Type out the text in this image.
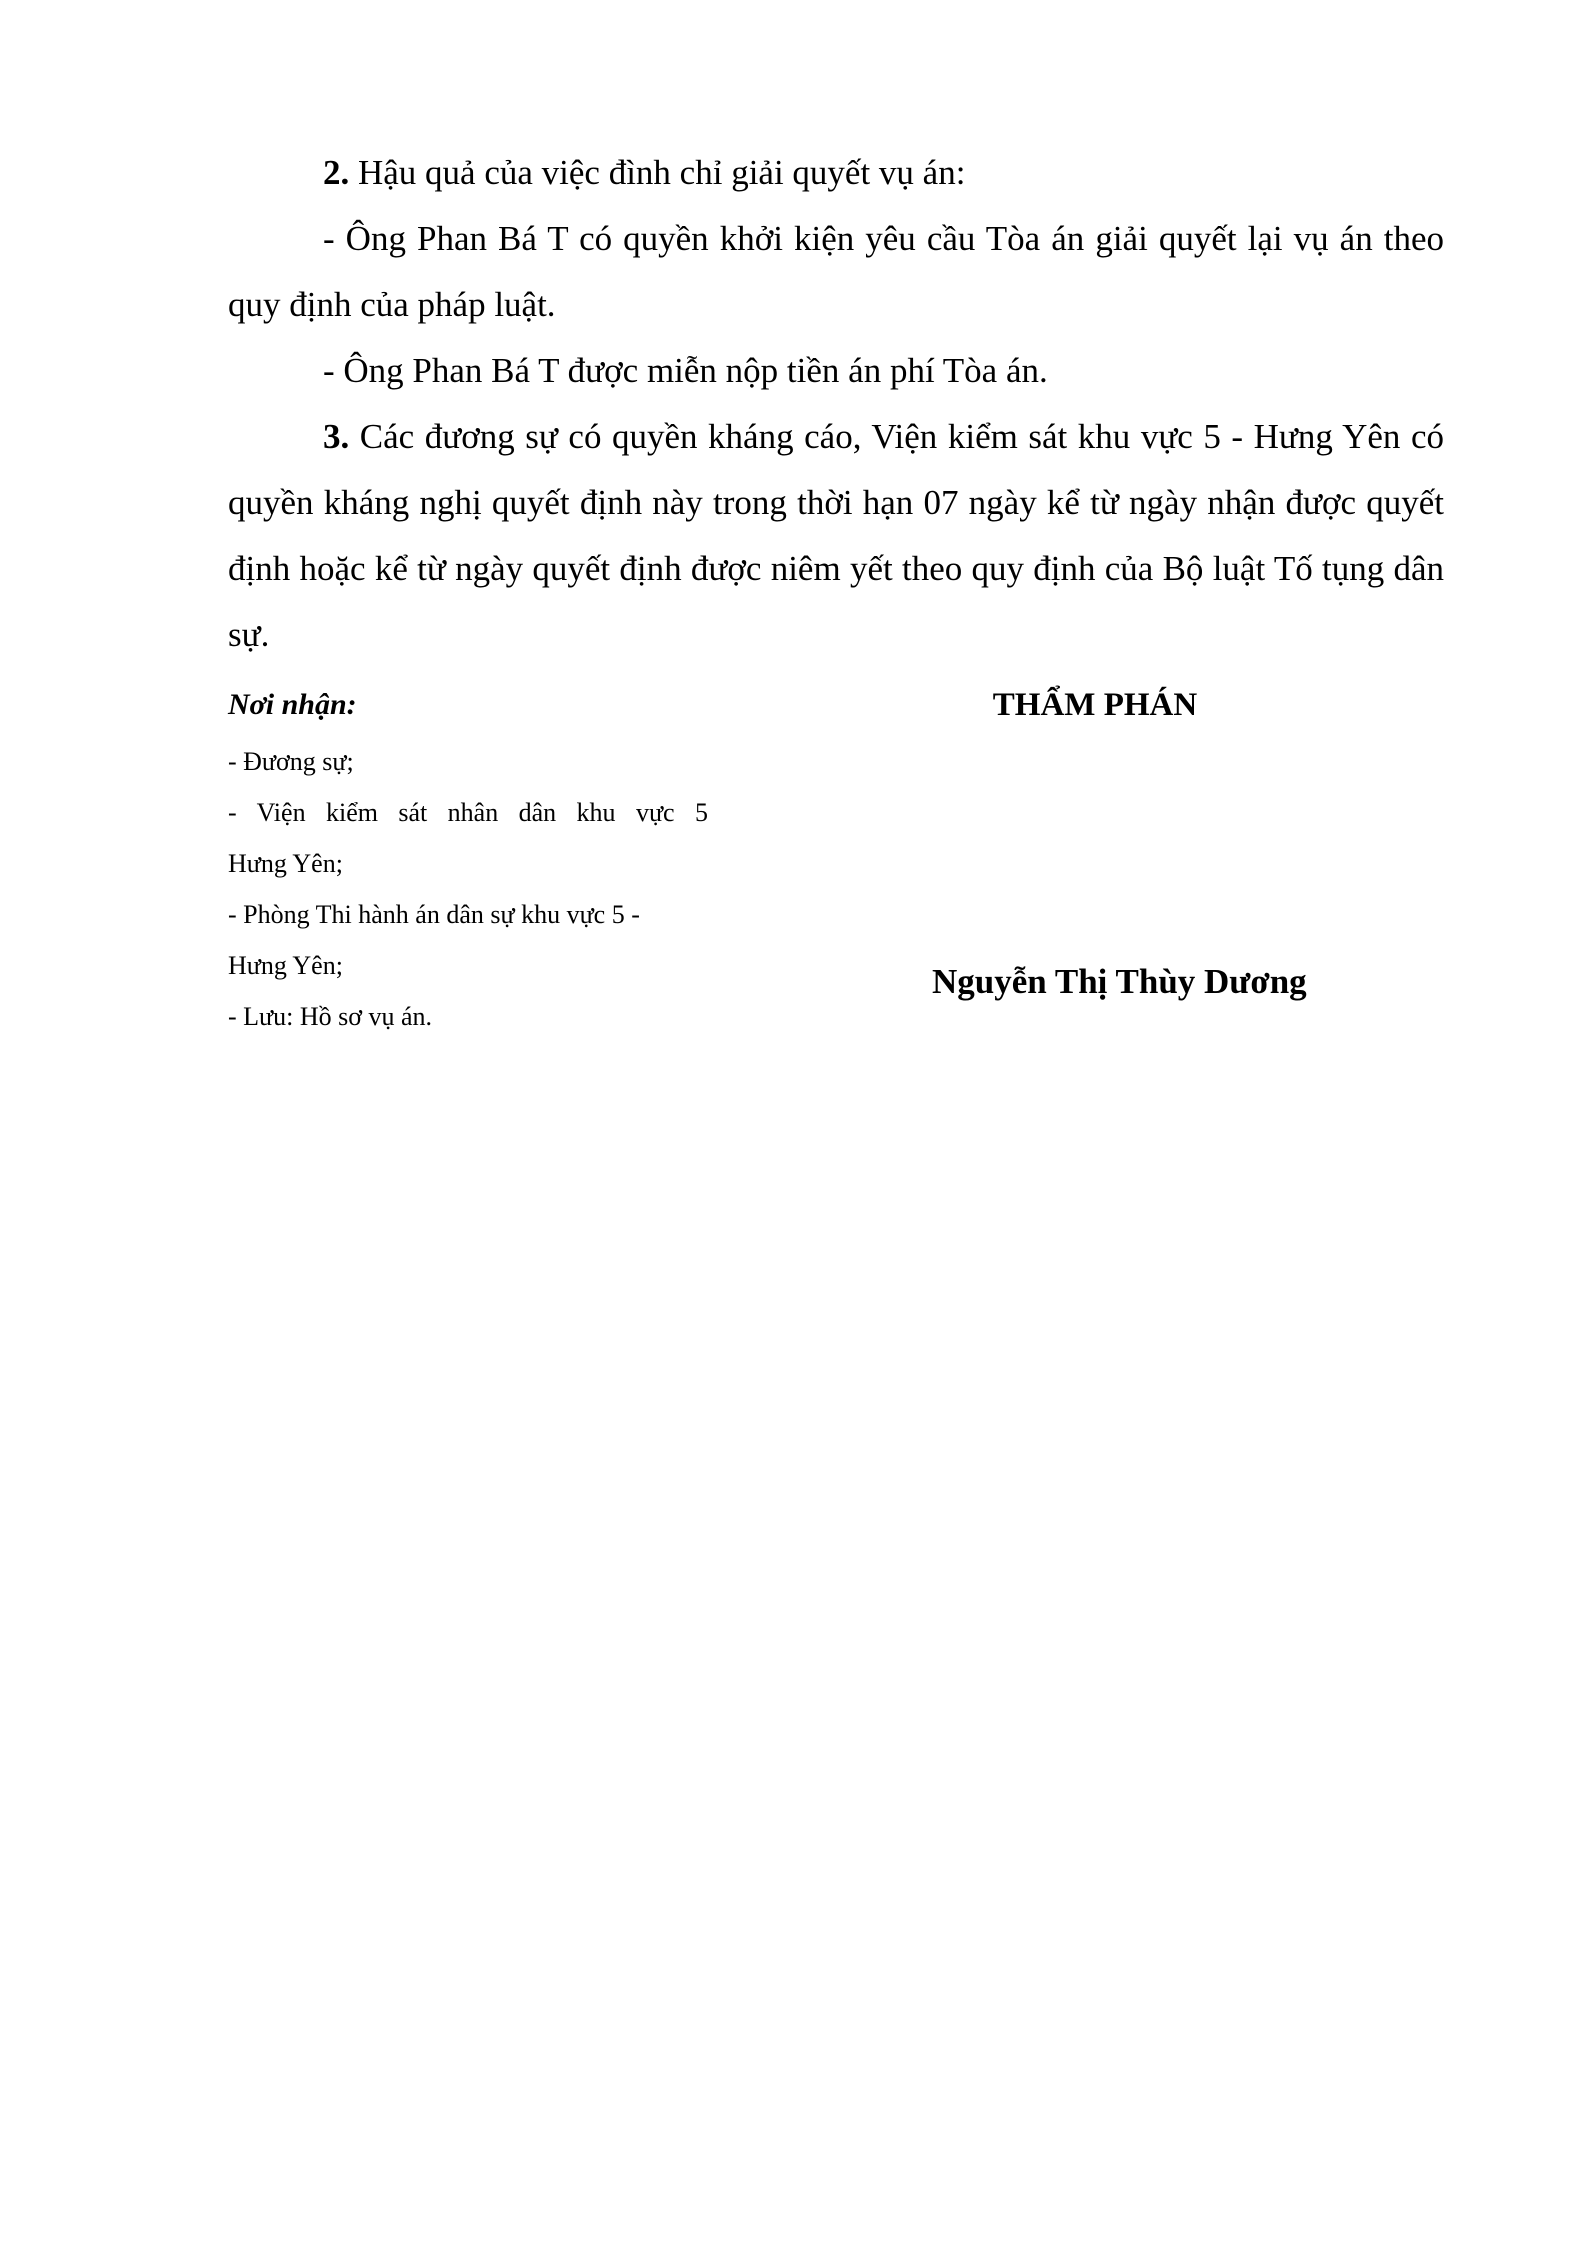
2. Hậu quả của việc đình chỉ giải quyết vụ án:

- Ông Phan Bá T có quyền khởi kiện yêu cầu Tòa án giải quyết lại vụ án theo quy định của pháp luật.

- Ông Phan Bá T được miễn nộp tiền án phí Tòa án.

3. Các đương sự có quyền kháng cáo, Viện kiểm sát khu vực 5 - Hưng Yên có quyền kháng nghị quyết định này trong thời hạn 07 ngày kể từ ngày nhận được quyết định hoặc kể từ ngày quyết định được niêm yết theo quy định của Bộ luật Tố tụng dân sự.

Nơi nhận:

- Đương sự;
- Viện kiểm sát nhân dân khu vực 5
Hưng Yên;
- Phòng Thi hành án dân sự khu vực 5 -
Hưng Yên;
- Lưu: Hồ sơ vụ án.
THẨM PHÁN
Nguyễn Thị Thùy Dương
